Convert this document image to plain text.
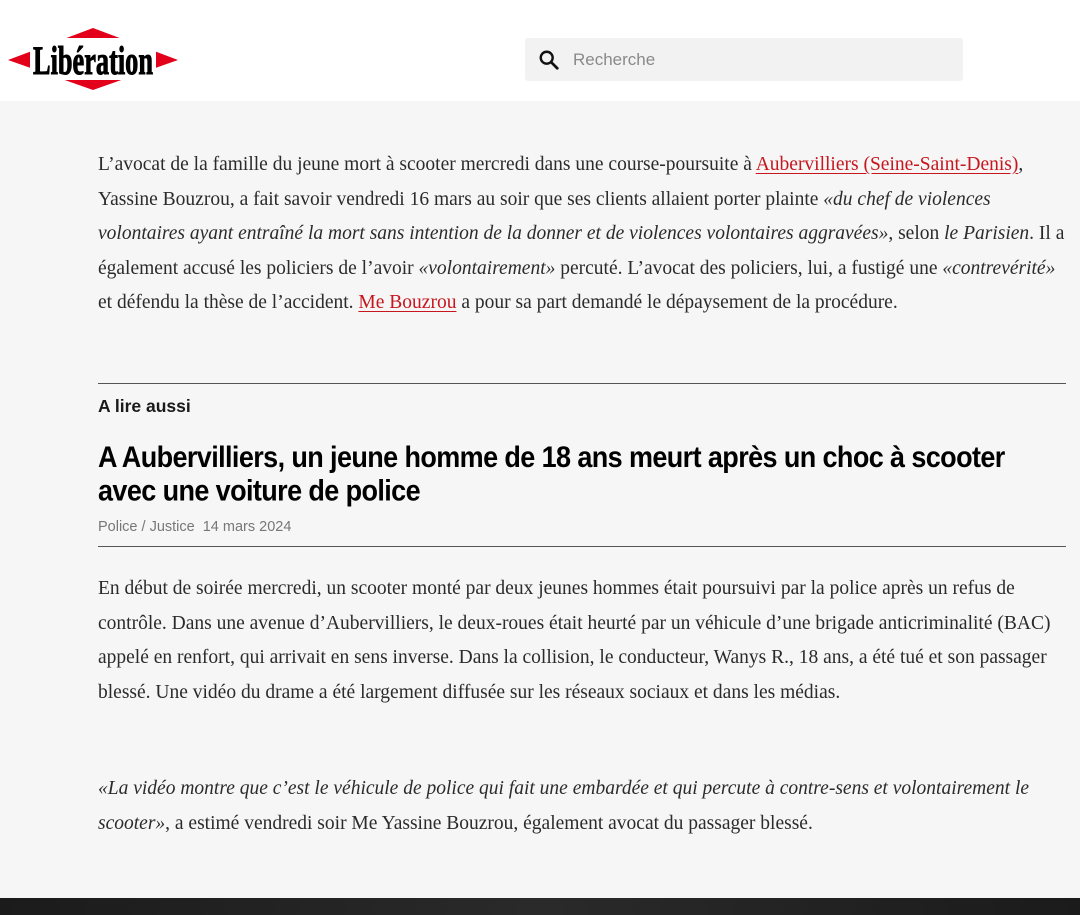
Libération
Recherche

L’avocat de la famille du jeune mort à scooter mercredi dans une course-poursuite à Aubervilliers (Seine-Saint-Denis), Yassine Bouzrou, a fait savoir vendredi 16 mars au soir que ses clients allaient porter plainte «du chef de violences volontaires ayant entraîné la mort sans intention de la donner et de violences volontaires aggravées», selon le Parisien. Il a également accusé les policiers de l’avoir «volontairement» percuté. L’avocat des policiers, lui, a fustigé une «contrevérité» et défendu la thèse de l’accident. Me Bouzrou a pour sa part demandé le dépaysement de la procédure.

A lire aussi

A Aubervilliers, un jeune homme de 18 ans meurt après un choc à scooter avec une voiture de police

Police / Justice 14 mars 2024

En début de soirée mercredi, un scooter monté par deux jeunes hommes était poursuivi par la police après un refus de contrôle. Dans une avenue d’Aubervilliers, le deux-roues était heurté par un véhicule d’une brigade anticriminalité (BAC) appelé en renfort, qui arrivait en sens inverse. Dans la collision, le conducteur, Wanys R., 18 ans, a été tué et son passager blessé. Une vidéo du drame a été largement diffusée sur les réseaux sociaux et dans les médias.

«La vidéo montre que c’est le véhicule de police qui fait une embardée et qui percute à contre-sens et volontairement le scooter», a estimé vendredi soir Me Yassine Bouzrou, également avocat du passager blessé.
